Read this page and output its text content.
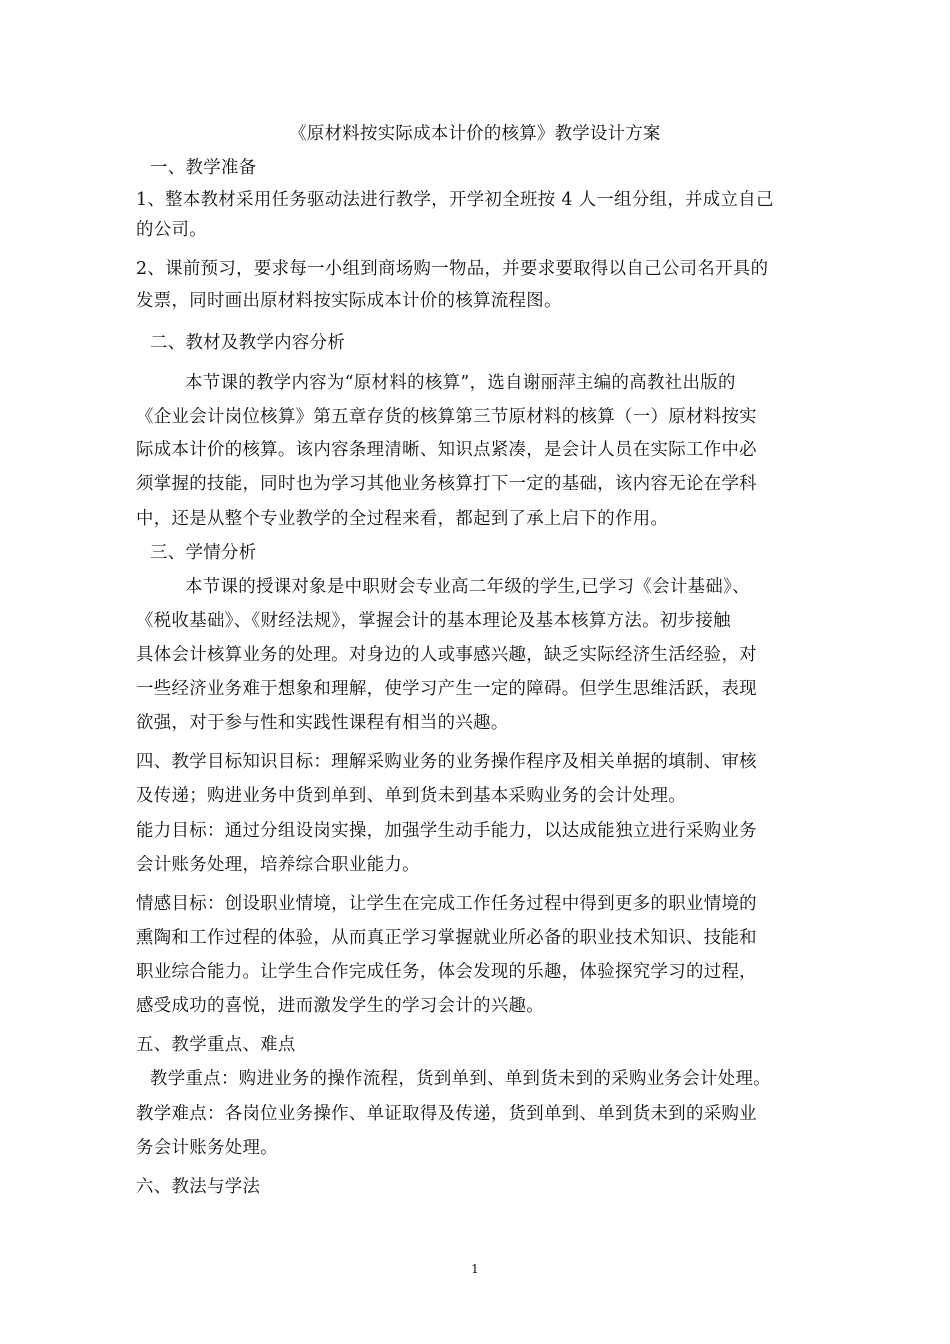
《原材料按实际成本计价的核算》教学设计方案
一、教学准备
1、整本教材采用任务驱动法进行教学，开学初全班按 4 人一组分组，并成立自己
的公司。
2、课前预习，要求每一小组到商场购一物品，并要求要取得以自己公司名开具的
发票，同时画出原材料按实际成本计价的核算流程图。
二、教材及教学内容分析
本节课的教学内容为“原材料的核算”，选自谢丽萍主编的高教社出版的
《企业会计岗位核算》第五章存货的核算第三节原材料的核算（一）原材料按实
际成本计价的核算。该内容条理清晰、知识点紧凑，是会计人员在实际工作中必
须掌握的技能，同时也为学习其他业务核算打下一定的基础，该内容无论在学科
中，还是从整个专业教学的全过程来看，都起到了承上启下的作用。
三、学情分析
本节课的授课对象是中职财会专业高二年级的学生,已学习《会计基础》、
《税收基础》、《财经法规》，掌握会计的基本理论及基本核算方法。初步接触
具体会计核算业务的处理。对身边的人或事感兴趣，缺乏实际经济生活经验，对
一些经济业务难于想象和理解，使学习产生一定的障碍。但学生思维活跃，表现
欲强，对于参与性和实践性课程有相当的兴趣。
四、教学目标知识目标：理解采购业务的业务操作程序及相关单据的填制、审核
及传递；购进业务中货到单到、单到货未到基本采购业务的会计处理。
能力目标：通过分组设岗实操，加强学生动手能力，以达成能独立进行采购业务
会计账务处理，培养综合职业能力。
情感目标：创设职业情境，让学生在完成工作任务过程中得到更多的职业情境的
熏陶和工作过程的体验，从而真正学习掌握就业所必备的职业技术知识、技能和
职业综合能力。让学生合作完成任务，体会发现的乐趣，体验探究学习的过程，
感受成功的喜悦，进而激发学生的学习会计的兴趣。
五、教学重点、难点
教学重点：购进业务的操作流程，货到单到、单到货未到的采购业务会计处理。
教学难点：各岗位业务操作、单证取得及传递，货到单到、单到货未到的采购业
务会计账务处理。
六、教法与学法
1
